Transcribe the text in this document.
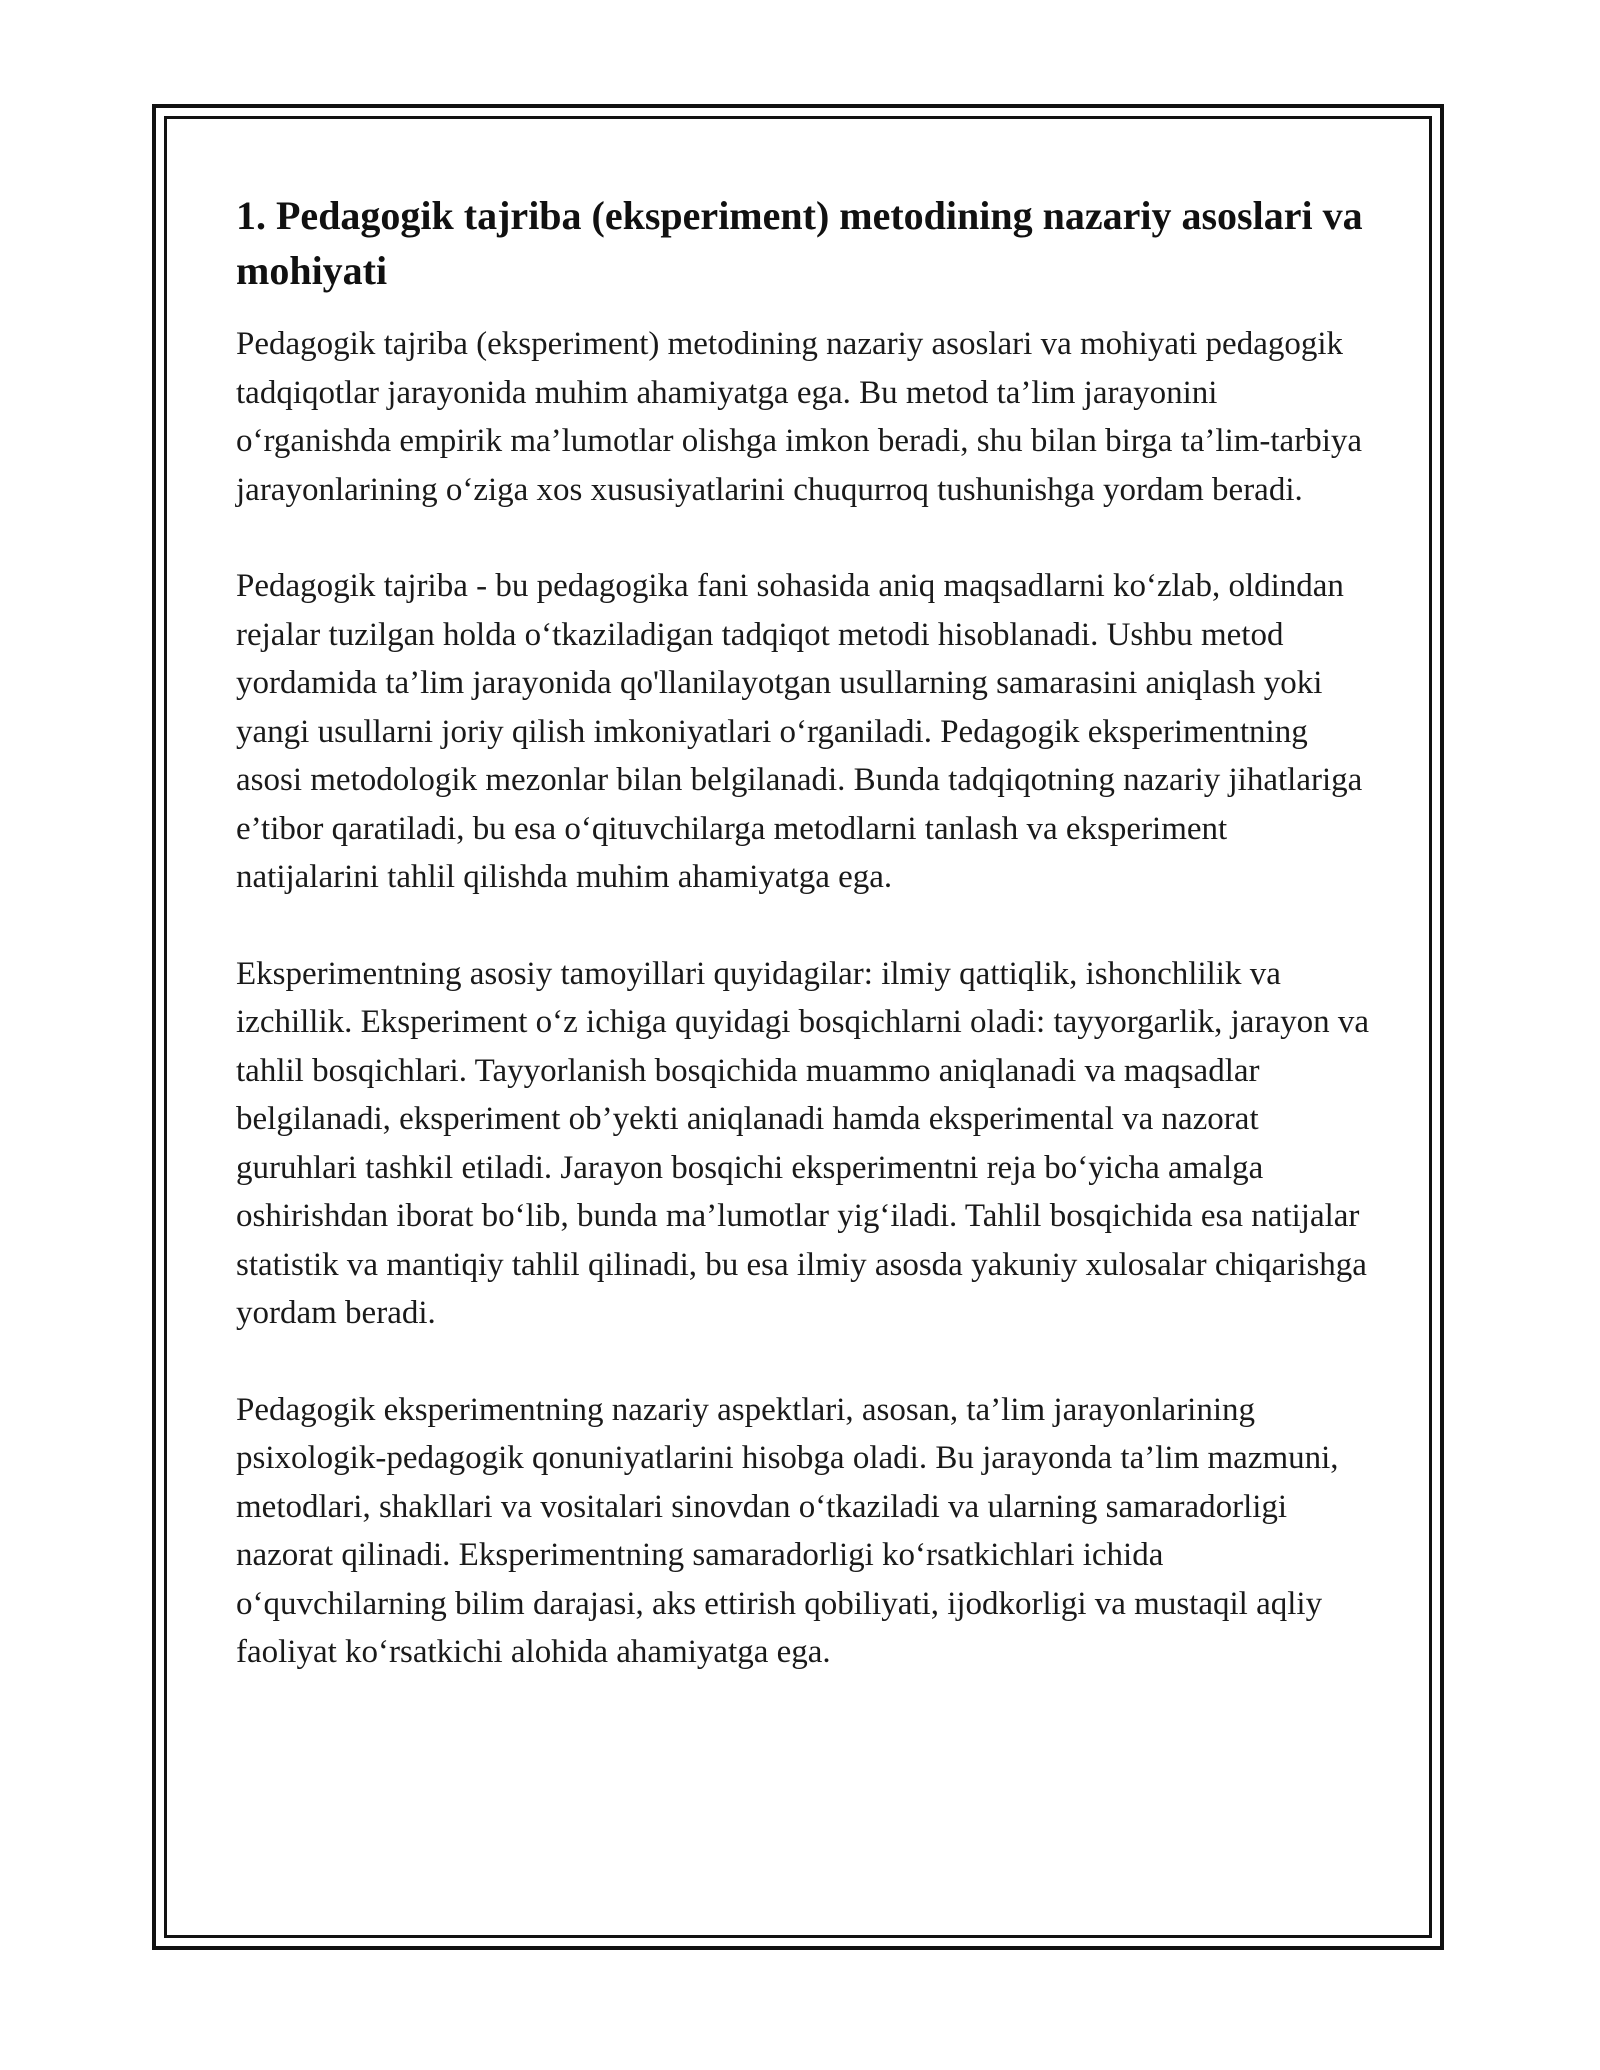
1. Pedagogik tajriba (eksperiment) metodining nazariy asoslari va mohiyati

Pedagogik tajriba (eksperiment) metodining nazariy asoslari va mohiyati pedagogik tadqiqotlar jarayonida muhim ahamiyatga ega. Bu metod ta’lim jarayonini o‘rganishda empirik ma’lumotlar olishga imkon beradi, shu bilan birga ta’lim-tarbiya jarayonlarining o‘ziga xos xususiyatlarini chuqurroq tushunishga yordam beradi.

Pedagogik tajriba - bu pedagogika fani sohasida aniq maqsadlarni ko‘zlab, oldindan rejalar tuzilgan holda o‘tkaziladigan tadqiqot metodi hisoblanadi. Ushbu metod yordamida ta’lim jarayonida qo'llanilayotgan usullarning samarasini aniqlash yoki yangi usullarni joriy qilish imkoniyatlari o‘rganiladi. Pedagogik eksperimentning asosi metodologik mezonlar bilan belgilanadi. Bunda tadqiqotning nazariy jihatlariga e’tibor qaratiladi, bu esa o‘qituvchilarga metodlarni tanlash va eksperiment natijalarini tahlil qilishda muhim ahamiyatga ega.

Eksperimentning asosiy tamoyillari quyidagilar: ilmiy qattiqlik, ishonchlilik va izchillik. Eksperiment o‘z ichiga quyidagi bosqichlarni oladi: tayyorgarlik, jarayon va tahlil bosqichlari. Tayyorlanish bosqichida muammo aniqlanadi va maqsadlar belgilanadi, eksperiment ob’yekti aniqlanadi hamda eksperimental va nazorat guruhlari tashkil etiladi. Jarayon bosqichi eksperimentni reja bo‘yicha amalga oshirishdan iborat bo‘lib, bunda ma’lumotlar yig‘iladi. Tahlil bosqichida esa natijalar statistik va mantiqiy tahlil qilinadi, bu esa ilmiy asosda yakuniy xulosalar chiqarishga yordam beradi.

Pedagogik eksperimentning nazariy aspektlari, asosan, ta’lim jarayonlarining psixologik-pedagogik qonuniyatlarini hisobga oladi. Bu jarayonda ta’lim mazmuni, metodlari, shakllari va vositalari sinovdan o‘tkaziladi va ularning samaradorligi nazorat qilinadi. Eksperimentning samaradorligi ko‘rsatkichlari ichida o‘quvchilarning bilim darajasi, aks ettirish qobiliyati, ijodkorligi va mustaqil aqliy faoliyat ko‘rsatkichi alohida ahamiyatga ega.
